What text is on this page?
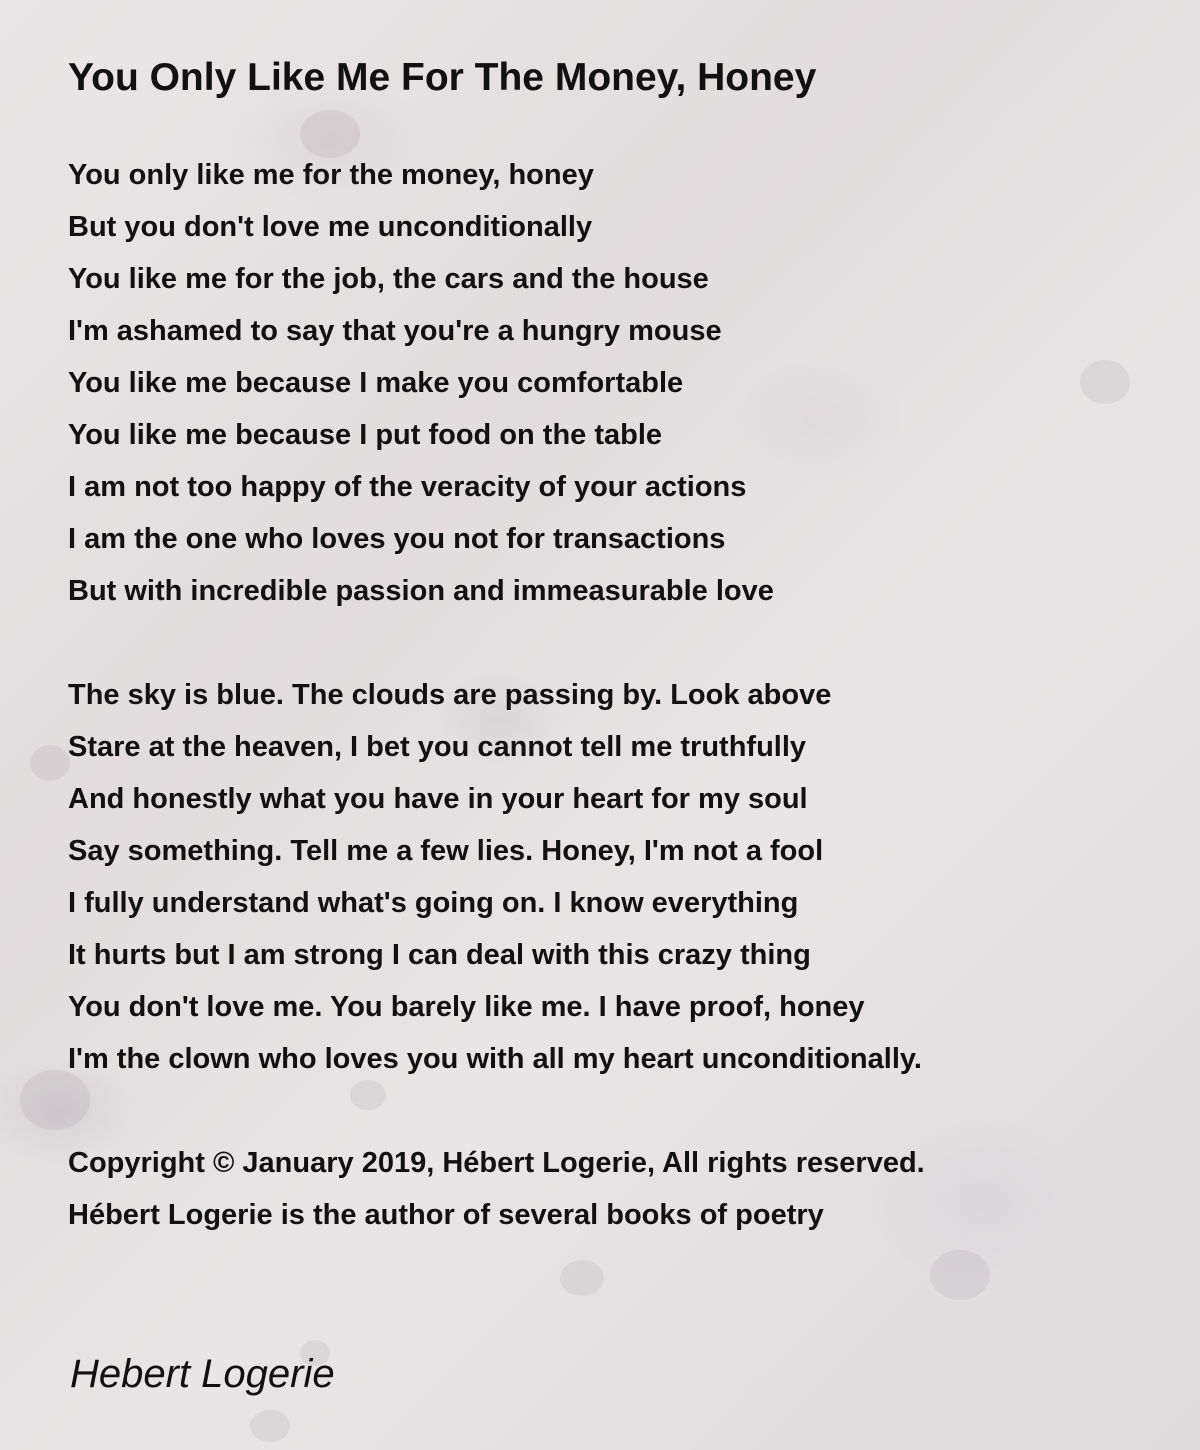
You Only Like Me For The Money, Honey
You only like me for the money, honey
But you don't love me unconditionally
You like me for the job, the cars and the house
I'm ashamed to say that you're a hungry mouse
You like me because I make you comfortable
You like me because I put food on the table
I am not too happy of the veracity of your actions
I am the one who loves you not for transactions
But with incredible passion and immeasurable love
The sky is blue. The clouds are passing by. Look above
Stare at the heaven, I bet you cannot tell me truthfully
And honestly what you have in your heart for my soul
Say something. Tell me a few lies. Honey, I'm not a fool
I fully understand what's going on. I know everything
It hurts but I am strong I can deal with this crazy thing
You don't love me. You barely like me. I have proof, honey
I'm the clown who loves you with all my heart unconditionally.
Copyright © January 2019, Hébert Logerie, All rights reserved.
Hébert Logerie is the author of several books of poetry

Hebert Logerie
